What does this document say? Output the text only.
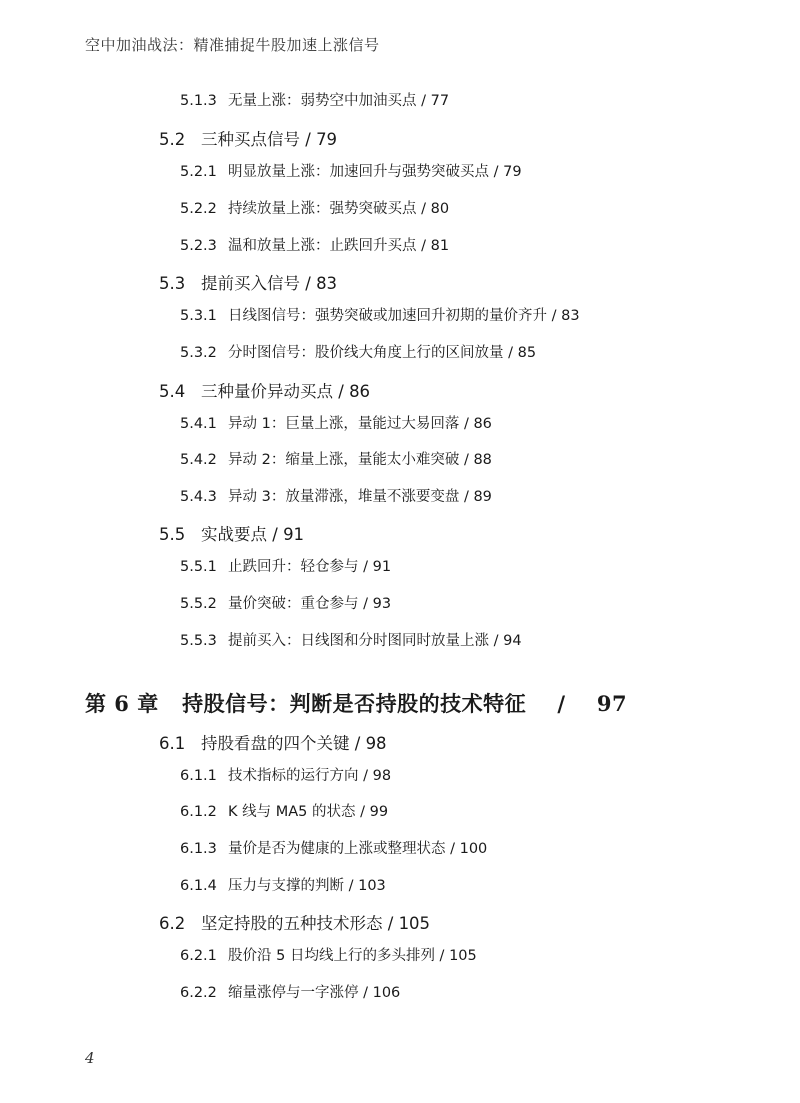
空中加油战法：精准捕捉牛股加速上涨信号
5.1.3 无量上涨：弱势空中加油买点 / 77
5.2 三种买点信号 / 79
5.2.1 明显放量上涨：加速回升与强势突破买点 / 79
5.2.2 持续放量上涨：强势突破买点 / 80
5.2.3 温和放量上涨：止跌回升买点 / 81
5.3 提前买入信号 / 83
5.3.1 日线图信号：强势突破或加速回升初期的量价齐升 / 83
5.3.2 分时图信号：股价线大角度上行的区间放量 / 85
5.4 三种量价异动买点 / 86
5.4.1 异动 1：巨量上涨，量能过大易回落 / 86
5.4.2 异动 2：缩量上涨，量能太小难突破 / 88
5.4.3 异动 3：放量滞涨，堆量不涨要变盘 / 89
5.5 实战要点 / 91
5.5.1 止跌回升：轻仓参与 / 91
5.5.2 量价突破：重仓参与 / 93
5.5.3 提前买入：日线图和分时图同时放量上涨 / 94
第 6 章 持股信号：判断是否持股的技术特征    /    97
6.1 持股看盘的四个关键 / 98
6.1.1 技术指标的运行方向 / 98
6.1.2 K 线与 MA5 的状态 / 99
6.1.3 量价是否为健康的上涨或整理状态 / 100
6.1.4 压力与支撑的判断 / 103
6.2 坚定持股的五种技术形态 / 105
6.2.1 股价沿 5 日均线上行的多头排列 / 105
6.2.2 缩量涨停与一字涨停 / 106
4
